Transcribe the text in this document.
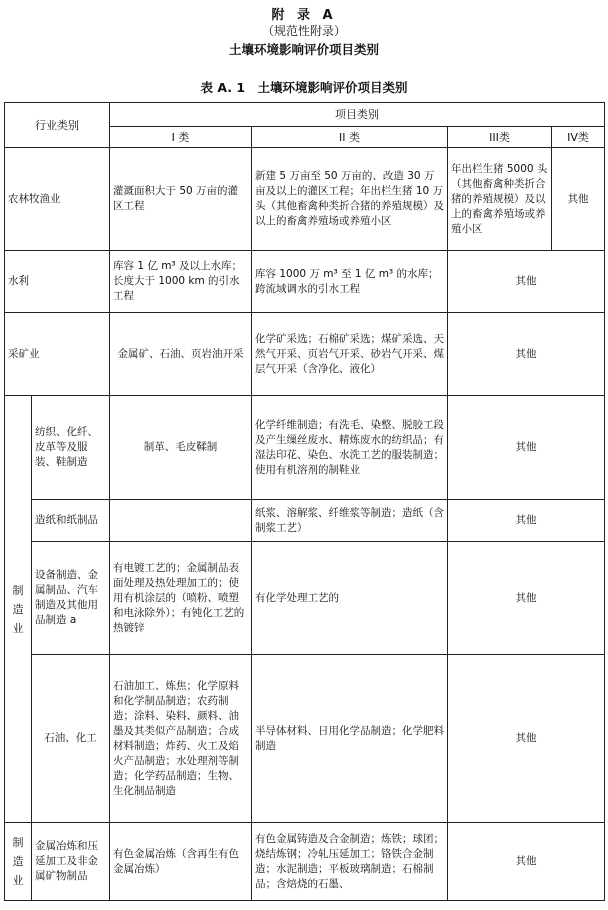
附 录 A
（规范性附录）
土壤环境影响评价项目类别
表 A. 1　土壤环境影响评价项目类别
行业类别		项目类别			
		I 类	II 类	III类	IV类
农林牧渔业		灌溉面积大于 50 万亩的灌区工程	新建 5 万亩至 50 万亩的、改造 30 万亩及以上的灌区工程；年出栏生猪 10 万头（其他畜禽种类折合猪的养殖规模）及以上的畜禽养殖场或养殖小区	年出栏生猪 5000 头（其他畜禽种类折合猪的养殖规模）及以上的畜禽养殖场或养殖小区	其他
水利		库容 1 亿 m³ 及以上水库；长度大于 1000 km 的引水工程	库容 1000 万 m³ 至 1 亿 m³ 的水库；跨流域调水的引水工程	其他	
采矿业		金属矿、石油、页岩油开采	化学矿采选；石棉矿采选；煤矿采选、天然气开采、页岩气开采、砂岩气开采、煤层气开采（含净化、液化）	其他	
制造业	纺织、化纤、皮革等及服装、鞋制造	制革、毛皮鞣制	化学纤维制造；有洗毛、染整、脱胶工段及产生缫丝废水、精炼废水的纺织品；有湿法印花、染色、水洗工艺的服装制造；使用有机溶剂的制鞋业	其他	
	造纸和纸制品		纸浆、溶解浆、纤维浆等制造；造纸（含制浆工艺）	其他	
	设备制造、金属制品、汽车制造及其他用品制造 a	有电镀工艺的；金属制品表面处理及热处理加工的；使用有机涂层的（喷粉、喷塑和电泳除外）；有钝化工艺的热镀锌	有化学处理工艺的	其他	
	石油、化工	石油加工、炼焦；化学原料和化学制品制造；农药制造；涂料、染料、颜料、油墨及其类似产品制造；合成材料制造；炸药、火工及焰火产品制造；水处理剂等制造；化学药品制造；生物、生化制品制造	半导体材料、日用化学品制造；化学肥料制造	其他	
制造业	金属冶炼和压延加工及非金属矿物制品	有色金属冶炼（含再生有色金属冶炼）	有色金属铸造及合金制造；炼铁；球团；烧结炼钢；冷轧压延加工；铬铁合金制造；水泥制造；平板玻璃制造；石棉制品；含焙烧的石墨、	其他	
